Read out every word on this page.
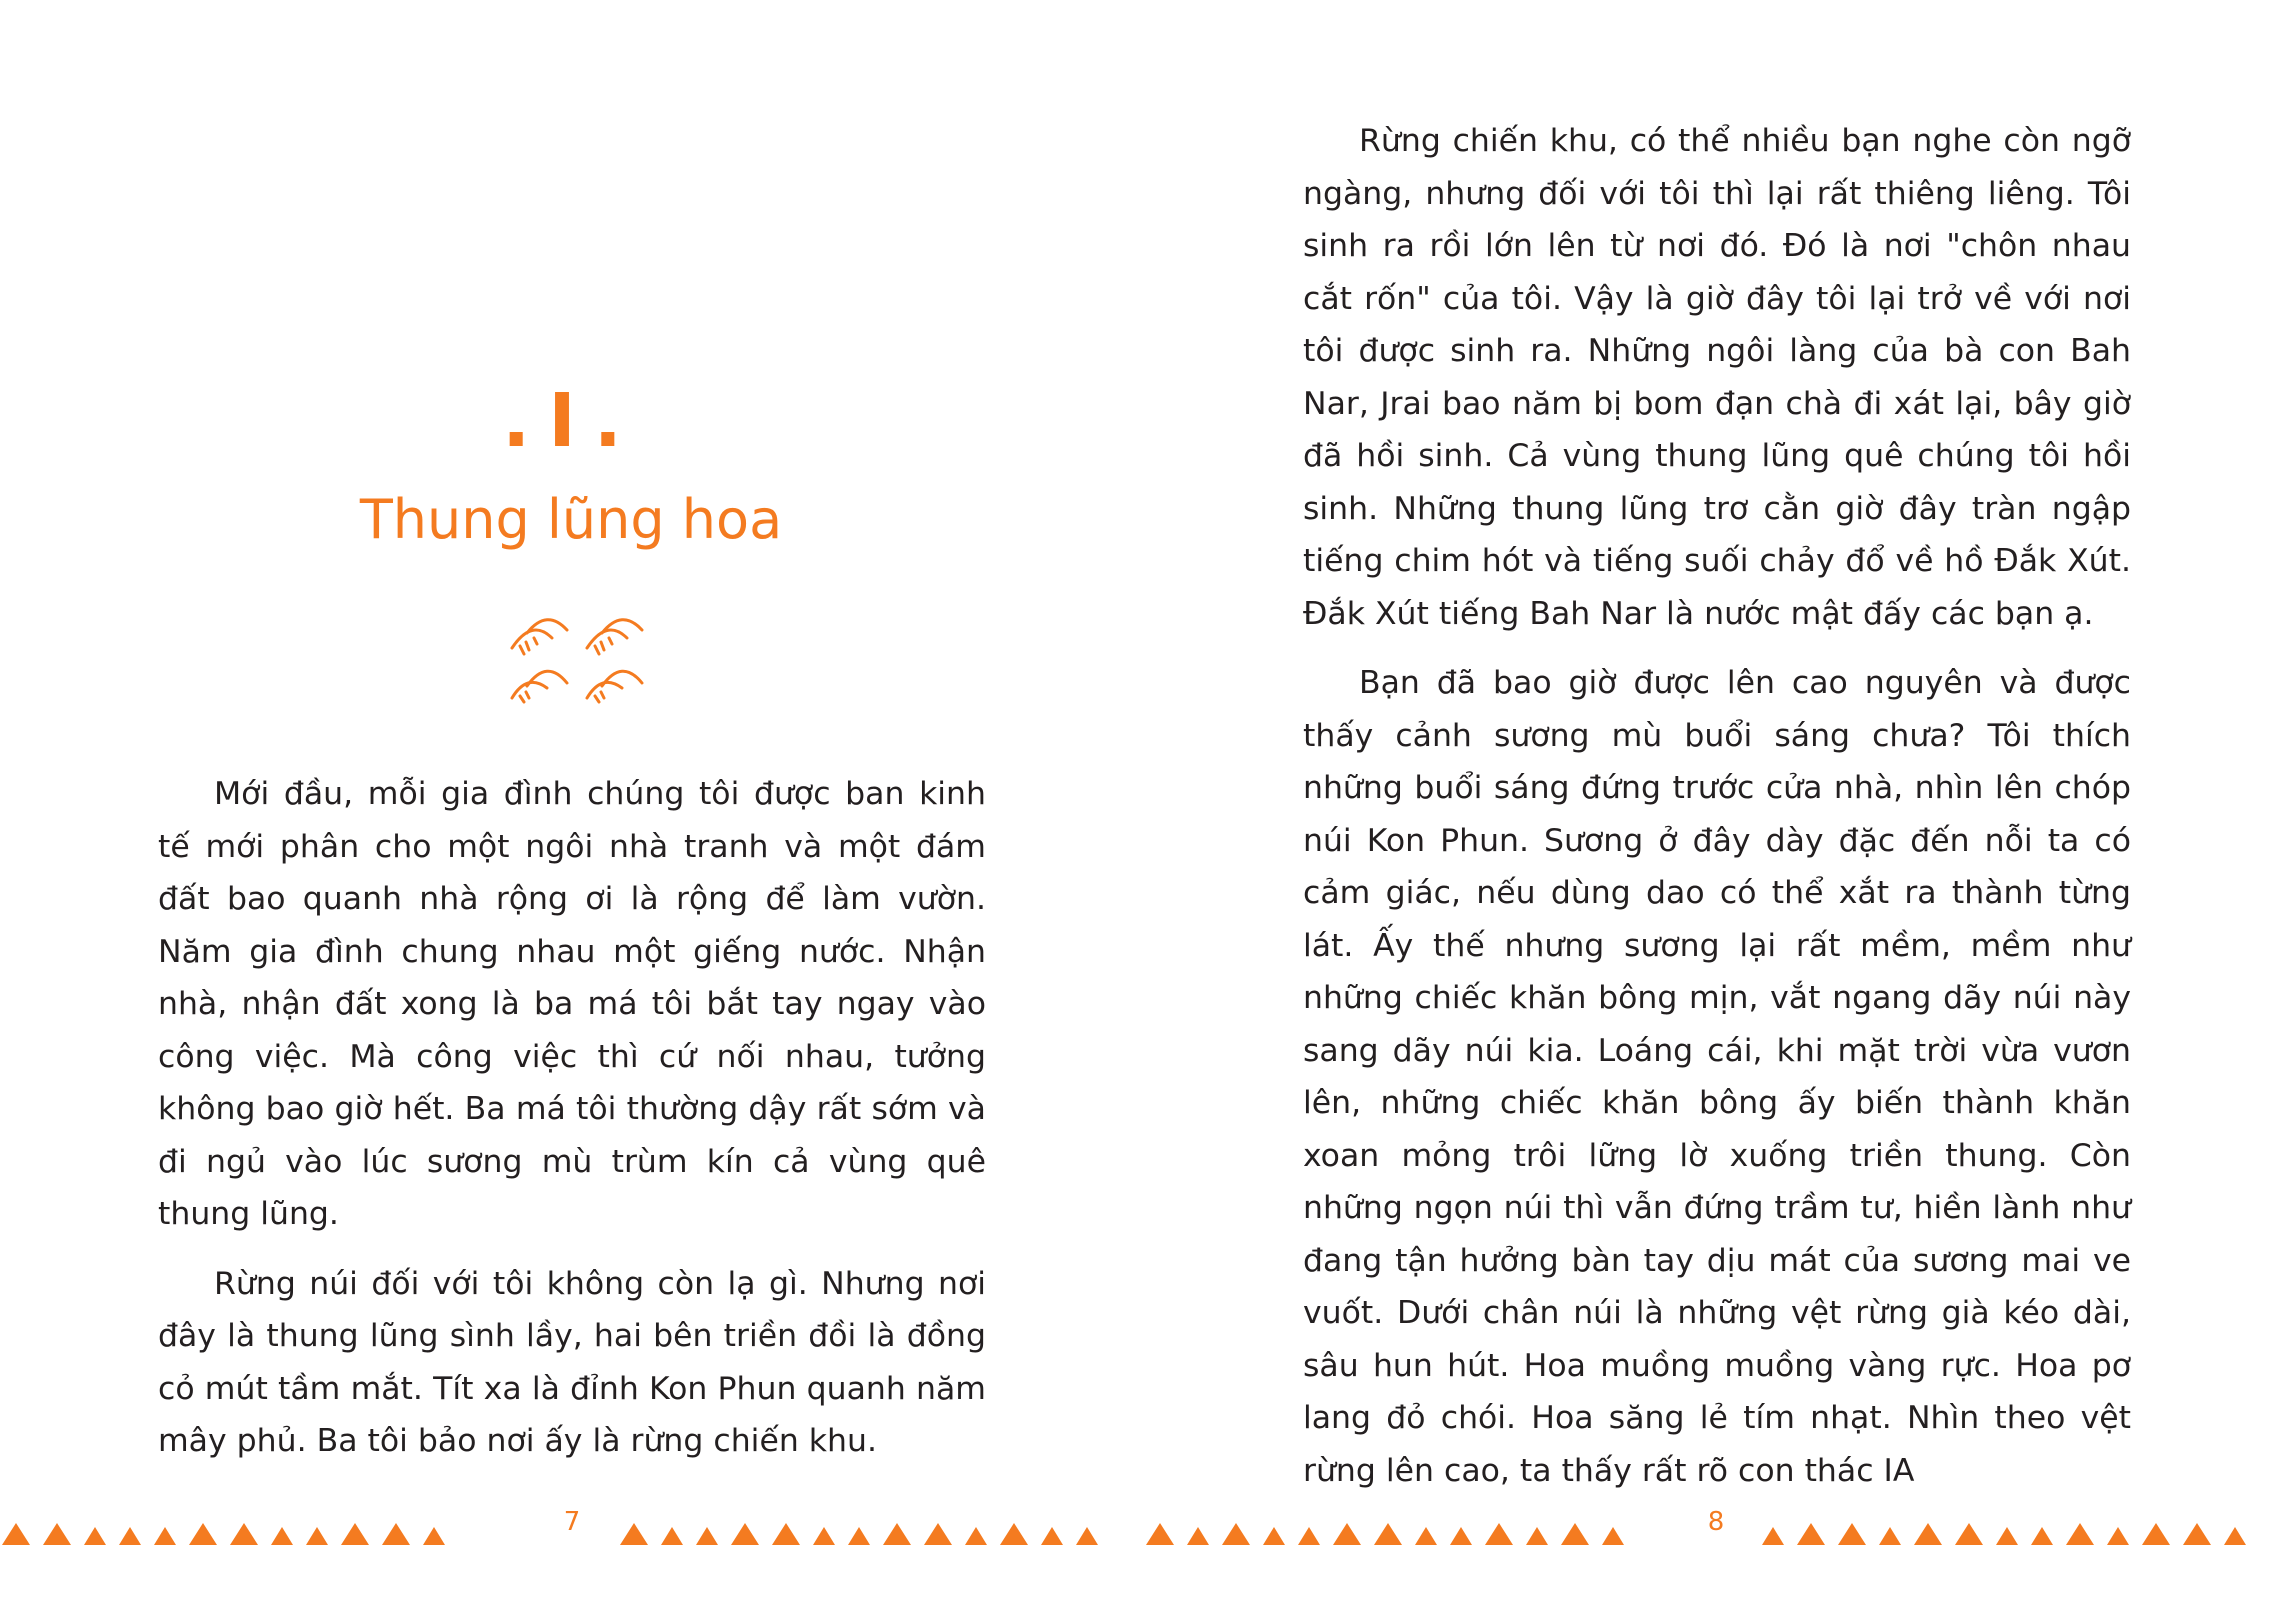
.I.
Thung lũng hoa

Mới đầu, mỗi gia đình chúng tôi được ban kinh tế mới phân cho một ngôi nhà tranh và một đám đất bao quanh nhà rộng ơi là rộng để làm vườn. Năm gia đình chung nhau một giếng nước. Nhận nhà, nhận đất xong là ba má tôi bắt tay ngay vào công việc. Mà công việc thì cứ nối nhau, tưởng không bao giờ hết. Ba má tôi thường dậy rất sớm và đi ngủ vào lúc sương mù trùm kín cả vùng quê thung lũng.

Rừng núi đối với tôi không còn lạ gì. Nhưng nơi đây là thung lũng sình lầy, hai bên triền đồi là đồng cỏ mút tầm mắt. Tít xa là đỉnh Kon Phun quanh năm mây phủ. Ba tôi bảo nơi ấy là rừng chiến khu.

Rừng chiến khu, có thể nhiều bạn nghe còn ngỡ ngàng, nhưng đối với tôi thì lại rất thiêng liêng. Tôi sinh ra rồi lớn lên từ nơi đó. Đó là nơi "chôn nhau cắt rốn" của tôi. Vậy là giờ đây tôi lại trở về với nơi tôi được sinh ra. Những ngôi làng của bà con Bah Nar, Jrai bao năm bị bom đạn chà đi xát lại, bây giờ đã hồi sinh. Cả vùng thung lũng quê chúng tôi hồi sinh. Những thung lũng trơ cằn giờ đây tràn ngập tiếng chim hót và tiếng suối chảy đổ về hồ Đắk Xút. Đắk Xút tiếng Bah Nar là nước mật đấy các bạn ạ.

Bạn đã bao giờ được lên cao nguyên và được thấy cảnh sương mù buổi sáng chưa? Tôi thích những buổi sáng đứng trước cửa nhà, nhìn lên chóp núi Kon Phun. Sương ở đây dày đặc đến nỗi ta có cảm giác, nếu dùng dao có thể xắt ra thành từng lát. Ấy thế nhưng sương lại rất mềm, mềm như những chiếc khăn bông mịn, vắt ngang dãy núi này sang dãy núi kia. Loáng cái, khi mặt trời vừa vươn lên, những chiếc khăn bông ấy biến thành khăn xoan mỏng trôi lững lờ xuống triền thung. Còn những ngọn núi thì vẫn đứng trầm tư, hiền lành như đang tận hưởng bàn tay dịu mát của sương mai ve vuốt. Dưới chân núi là những vệt rừng già kéo dài, sâu hun hút. Hoa muồng muồng vàng rực. Hoa pơ lang đỏ chói. Hoa săng lẻ tím nhạt. Nhìn theo vệt rừng lên cao, ta thấy rất rõ con thác IA

7	8
